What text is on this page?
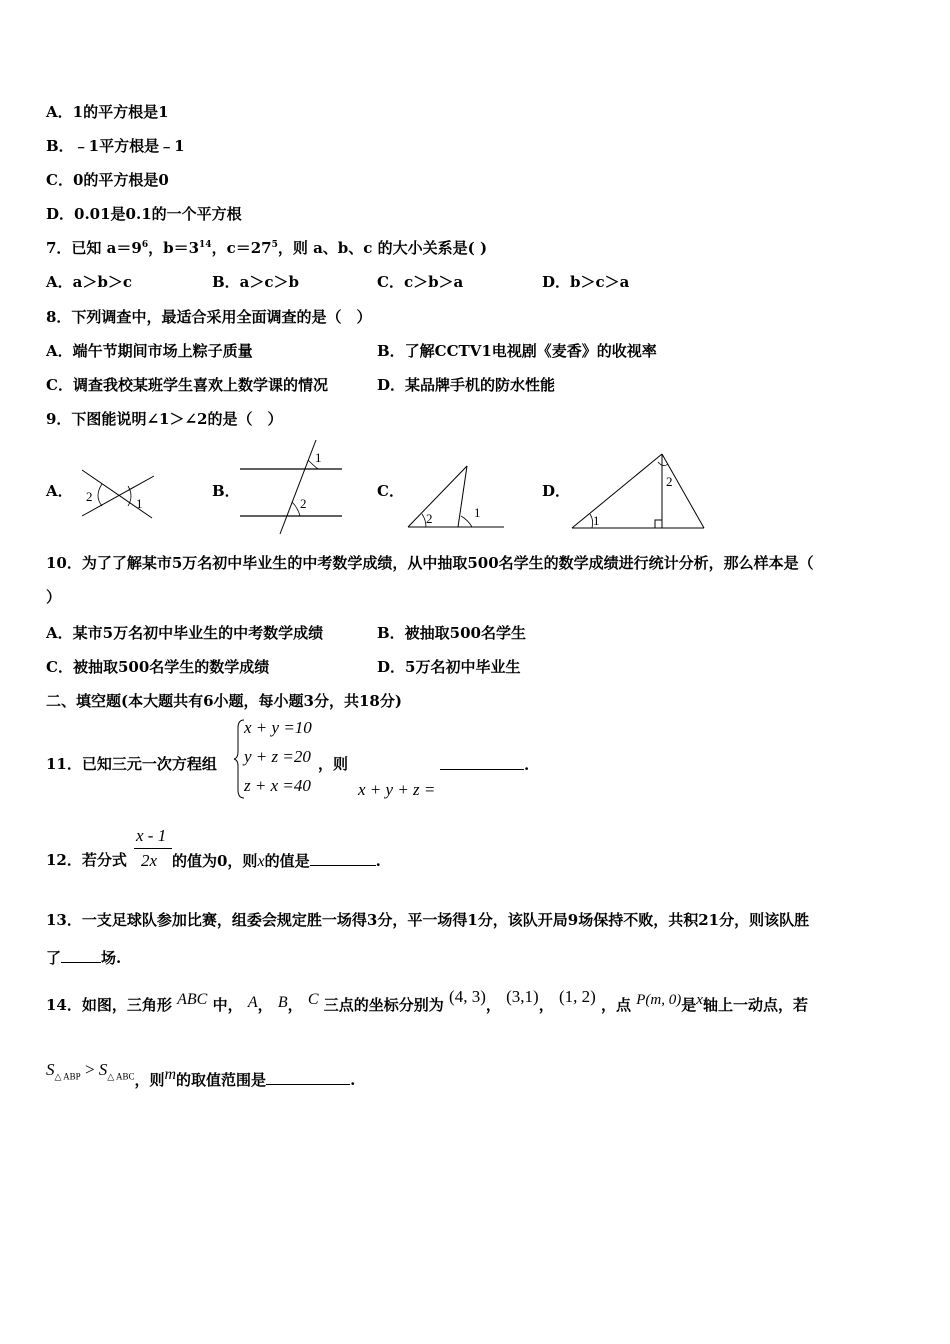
A．1的平方根是1
B．﹣1平方根是﹣1
C．0的平方根是0
D．0.01是0.1的一个平方根
7．已知 $a=9^6$，$b=3^{14}$，$c=27^5$，则 a、b、c 的大小关系是( )
A．a＞b＞c	B．a＞c＞b	C．c＞b＞a	D．b＞c＞a
8．下列调查中，最适合采用全面调查的是（　）
A．端午节期间市场上粽子质量	B．了解CCTV1电视剧《麦香》的收视率
C．调查我校某班学生喜欢上数学课的情况	D．某品牌手机的防水性能
9．下图能说明∠1＞∠2的是（　）
A．	B．	C．	D．
2	1
1
2
2	1
2
1
10．为了了解某市5万名初中毕业生的中考数学成绩，从中抽取500名学生的数学成绩进行统计分析，那么样本是（
）
A．某市5万名初中毕业生的中考数学成绩	B．被抽取500名学生
C．被抽取500名学生的数学成绩	D．5万名初中毕业生
二、填空题(本大题共有6小题，每小题3分，共18分)
11．已知三元一次方程组
x + y =10
y + z =20
z + x =40
，则
x + y + z =
.
12．若分式
x - 1
2x 的值为0，则x的值是	.
13．一支足球队参加比赛，组委会规定胜一场得3分，平一场得1分，该队开局9场保持不败，共积21分，则该队胜
了	场.
14．如图，三角形 ABC 中， A， B， C 三点的坐标分别为 (4, 3)， (3,1)， (1, 2) ，点 P(m, 0)是x轴上一动点，若
$S_{\triangle ABP} > S_{\triangle ABC}$，则m的取值范围是	.
